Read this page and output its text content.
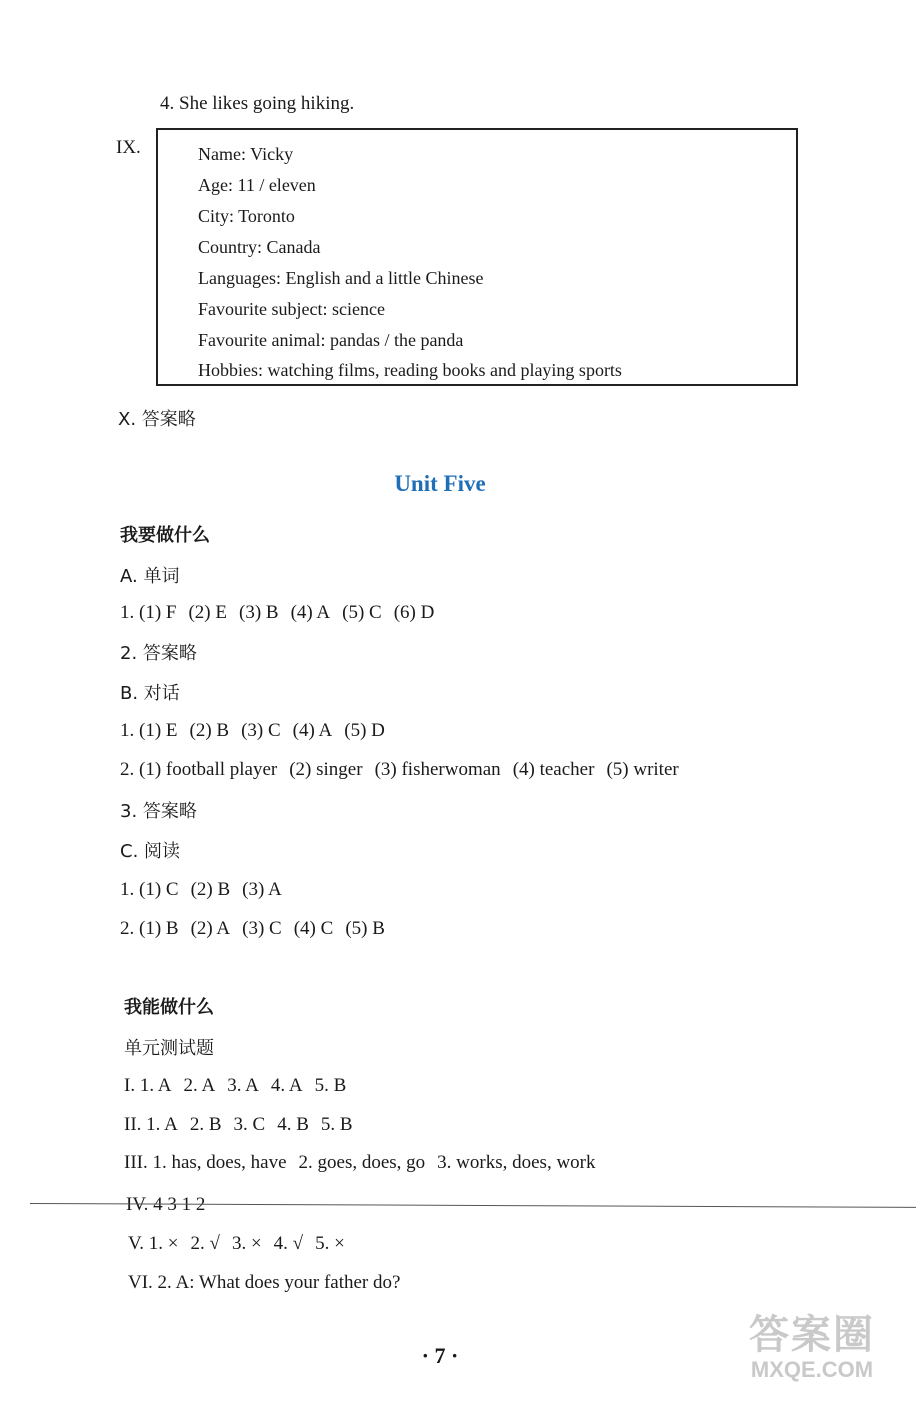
4. She likes going hiking.
IX.	Name: Vicky
Age: 11 / eleven
City: Toronto
Country: Canada
Languages: English and a little Chinese
Favourite subject: science
Favourite animal: pandas / the panda
Hobbies: watching films, reading books and playing sports
X. 答案略
Unit Five
我要做什么
A. 单词
1. (1) F (2) E (3) B (4) A (5) C (6) D
2. 答案略
B. 对话
1. (1) E (2) B (3) C (4) A (5) D
2. (1) football player (2) singer (3) fisherwoman (4) teacher (5) writer
3. 答案略
C. 阅读
1. (1) C (2) B (3) A
2. (1) B (2) A (3) C (4) C (5) B
我能做什么
单元测试题
I. 1. A 2. A 3. A 4. A 5. B
II. 1. A 2. B 3. C 4. B 5. B
III. 1. has, does, have 2. goes, does, go 3. works, does, work
IV. 4 3 1 2
V. 1. × 2. √ 3. × 4. √ 5. ×
VI. 2. A: What does your father do?
· 7 ·	答案圈
MXQE.COM
